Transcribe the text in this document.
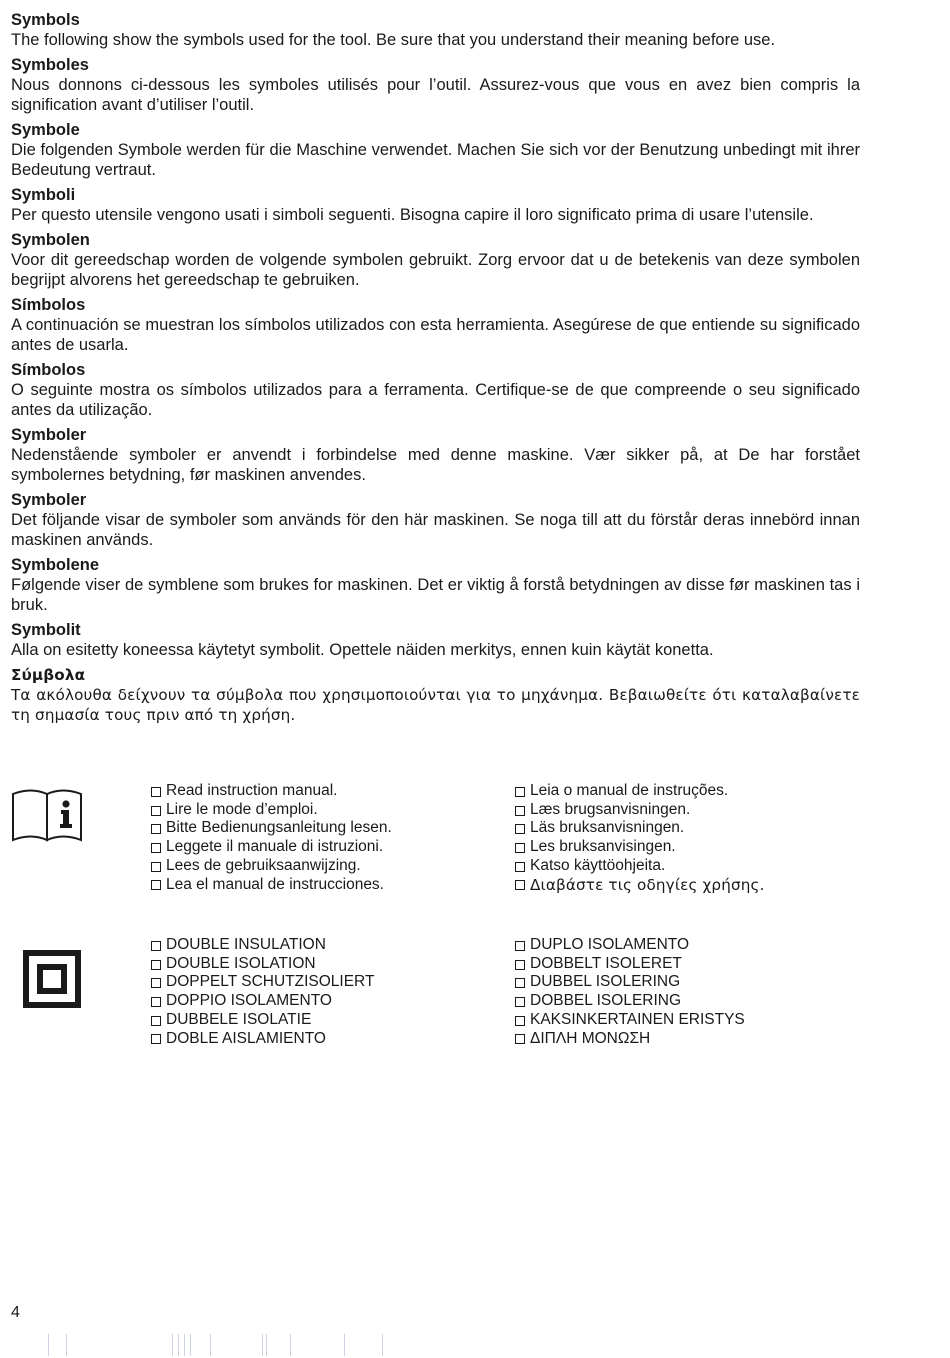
Symbols
The following show the symbols used for the tool. Be sure that you understand their meaning before use.
Symboles
Nous donnons ci-dessous les symboles utilisés pour l’outil. Assurez-vous que vous en avez bien compris la signification avant d’utiliser l’outil.
Symbole
Die folgenden Symbole werden für die Maschine verwendet. Machen Sie sich vor der Benutzung unbedingt mit ihrer Bedeutung vertraut.
Symboli
Per questo utensile vengono usati i simboli seguenti. Bisogna capire il loro significato prima di usare l’utensile.
Symbolen
Voor dit gereedschap worden de volgende symbolen gebruikt. Zorg ervoor dat u de betekenis van deze symbolen begrijpt alvorens het gereedschap te gebruiken.
Símbolos
A continuación se muestran los símbolos utilizados con esta herramienta. Asegúrese de que entiende su significado antes de usarla.
Símbolos
O seguinte mostra os símbolos utilizados para a ferramenta. Certifique-se de que compreende o seu significado antes da utilização.
Symboler
Nedenstående symboler er anvendt i forbindelse med denne maskine. Vær sikker på, at De har forstået symbolernes betydning, før maskinen anvendes.
Symboler
Det följande visar de symboler som används för den här maskinen. Se noga till att du förstår deras innebörd innan maskinen används.
Symbolene
Følgende viser de symblene som brukes for maskinen. Det er viktig å forstå betydningen av disse før maskinen tas i bruk.
Symbolit
Alla on esitetty koneessa käytetyt symbolit. Opettele näiden merkitys, ennen kuin käytät konetta.
Σύμβολα
Τα ακόλουθα δείχνουν τα σύμβολα που χρησιμοποιούνται για το μηχάνημα. Βεβαιωθείτε ότι καταλαβαίνετε τη σημασία τους πριν από τη χρήση.
Read instruction manual.
Lire le mode d’emploi.
Bitte Bedienungsanleitung lesen.
Leggete il manuale di istruzioni.
Lees de gebruiksaanwijzing.
Lea el manual de instrucciones.
Leia o manual de instruções.
Læs brugsanvisningen.
Läs bruksanvisningen.
Les bruksanvisingen.
Katso käyttöohjeita.
Διαβάστε τις οδηγίες χρήσης.
DOUBLE INSULATION
DOUBLE ISOLATION
DOPPELT SCHUTZISOLIERT
DOPPIO ISOLAMENTO
DUBBELE ISOLATIE
DOBLE AISLAMIENTO
DUPLO ISOLAMENTO
DOBBELT ISOLERET
DUBBEL ISOLERING
DOBBEL ISOLERING
KAKSINKERTAINEN ERISTYS
ΔΙΠΛΗ ΜΟΝΩΣΗ
4
